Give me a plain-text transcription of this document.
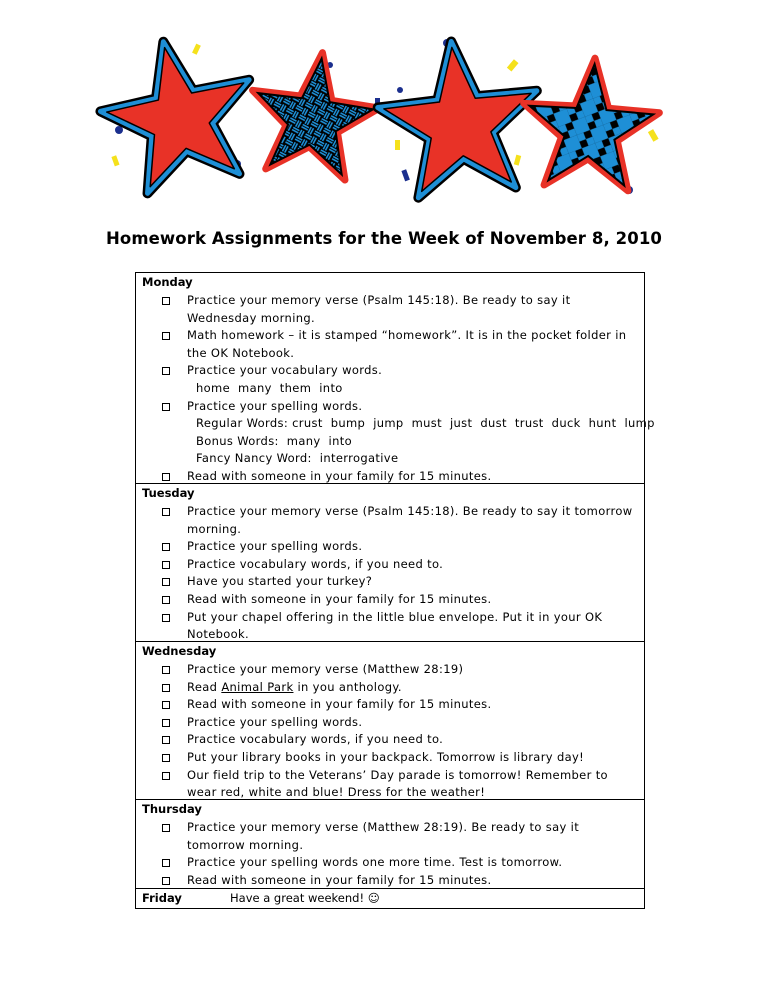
Homework Assignments for the Week of November 8, 2010
Monday
Practice your memory verse (Psalm 145:18). Be ready to say it Wednesday morning.
Math homework – it is stamped “homework”. It is in the pocket folder in the OK Notebook.
Practice your vocabulary words.
home  many  them  into
Practice your spelling words.
Regular Words: crust  bump  jump  must  just  dust  trust  duck  hunt  lump
Bonus Words:  many  into
Fancy Nancy Word:  interrogative
Read with someone in your family for 15 minutes.
Tuesday
Practice your memory verse (Psalm 145:18). Be ready to say it tomorrow morning.
Practice your spelling words.
Practice vocabulary words, if you need to.
Have you started your turkey?
Read with someone in your family for 15 minutes.
Put your chapel offering in the little blue envelope. Put it in your OK Notebook.
Wednesday
Practice your memory verse (Matthew 28:19)
Read Animal Park in you anthology.
Read with someone in your family for 15 minutes.
Practice your spelling words.
Practice vocabulary words, if you need to.
Put your library books in your backpack. Tomorrow is library day!
Our field trip to the Veterans’ Day parade is tomorrow! Remember to wear red, white and blue! Dress for the weather!
Thursday
Practice your memory verse (Matthew 28:19). Be ready to say it tomorrow morning.
Practice your spelling words one more time. Test is tomorrow.
Read with someone in your family for 15 minutes.
Friday	Have a great weekend! ☺
